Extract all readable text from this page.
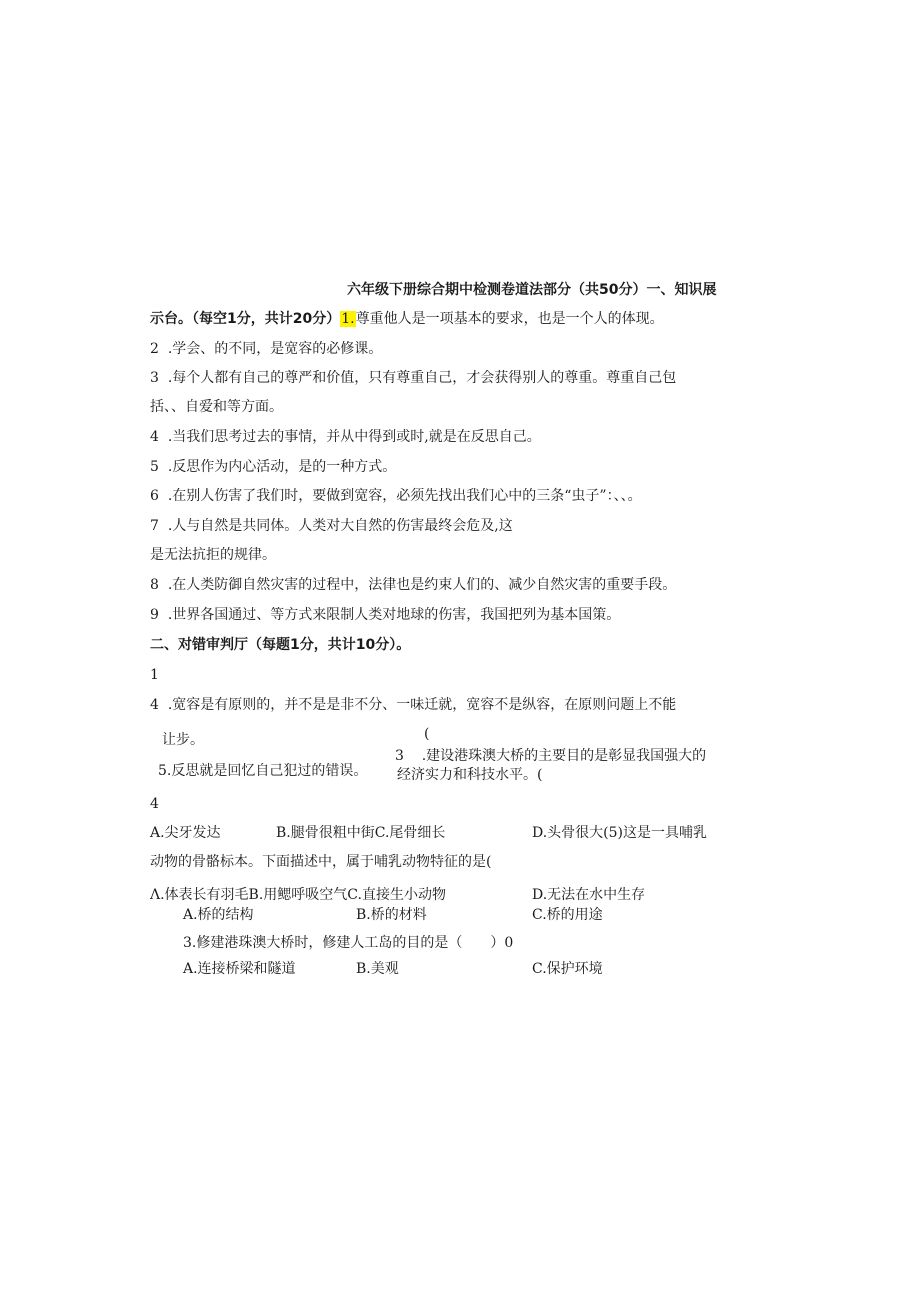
六年级下册综合期中检测卷道法部分（共50分）一、知识展
示台。（每空1分，共计20分）1.尊重他人是一项基本的要求，也是一个人的体现。
2 .学会、的不同，是宽容的必修课。
3 .每个人都有自己的尊严和价值，只有尊重自己，才会获得别人的尊重。尊重自己包
括、、自爱和等方面。
4 .当我们思考过去的事情，并从中得到或时,就是在反思自己。
5 .反思作为内心活动，是的一种方式。
6 .在别人伤害了我们时，要做到宽容，必须先找出我们心中的三条“虫子”：、、。
7 .人与自然是共同体。人类对大自然的伤害最终会危及,这
是无法抗拒的规律。
8 .在人类防御自然灾害的过程中，法律也是约束人们的、减少自然灾害的重要手段。
9 .世界各国通过、等方式来限制人类对地球的伤害，我国把列为基本国策。
二、对错审判厅（每题1分，共计10分）。
1
4 .宽容是有原则的，并不是是非不分、一味迁就，宽容不是纵容，在原则问题上不能
让步。	(
5.反思就是回忆自己犯过的错误。
3 .建设港珠澳大桥的主要目的是彰显我国强大的
经济实力和科技水平。(
4
A.尖牙发达	B.腿骨很粗中街C.尾骨细长	D.头骨很大(5)这是一具哺乳
动物的骨骼标本。下面描述中，属于哺乳动物特征的是(
Λ.体表长有羽毛B.用鳃呼吸空气C.直接生小动物	D.无法在水中生存
A.桥的结构	B.桥的材料	C.桥的用途
3.修建港珠澳大桥时，修建人工岛的目的是（　　）0
A.连接桥梁和隧道	B.美观	C.保护环境
